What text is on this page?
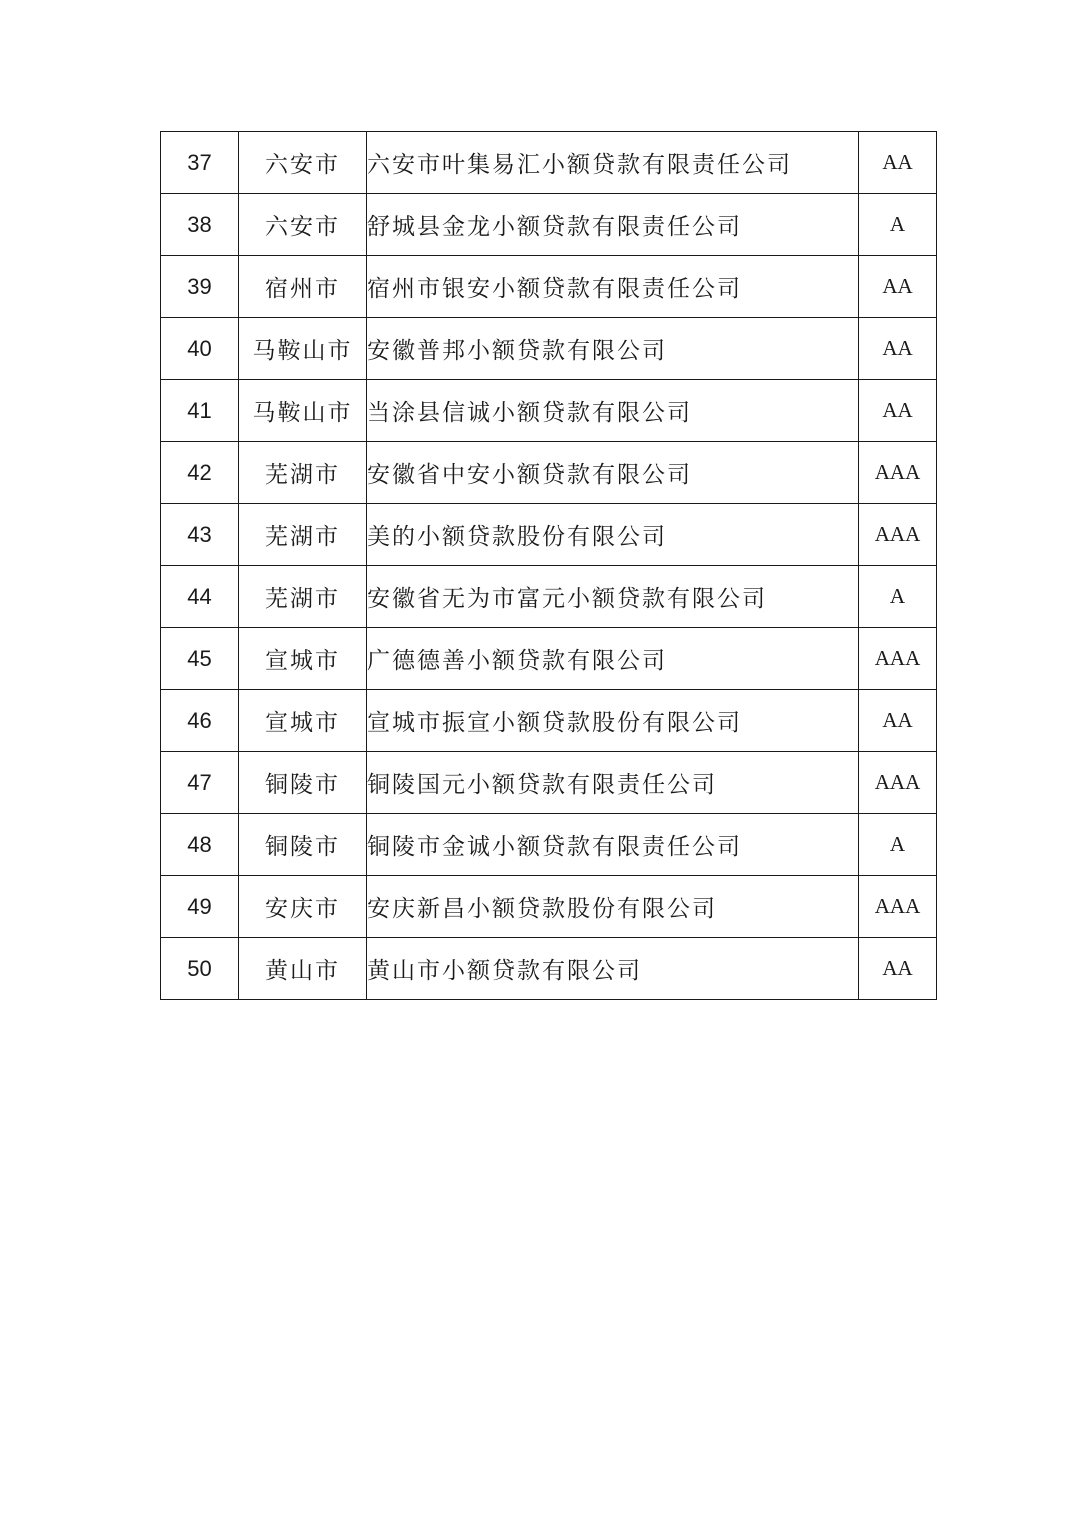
37	六安市	六安市叶集易汇小额贷款有限责任公司	AA
38	六安市	舒城县金龙小额贷款有限责任公司	A
39	宿州市	宿州市银安小额贷款有限责任公司	AA
40	马鞍山市	安徽普邦小额贷款有限公司	AA
41	马鞍山市	当涂县信诚小额贷款有限公司	AA
42	芜湖市	安徽省中安小额贷款有限公司	AAA
43	芜湖市	美的小额贷款股份有限公司	AAA
44	芜湖市	安徽省无为市富元小额贷款有限公司	A
45	宣城市	广德德善小额贷款有限公司	AAA
46	宣城市	宣城市振宣小额贷款股份有限公司	AA
47	铜陵市	铜陵国元小额贷款有限责任公司	AAA
48	铜陵市	铜陵市金诚小额贷款有限责任公司	A
49	安庆市	安庆新昌小额贷款股份有限公司	AAA
50	黄山市	黄山市小额贷款有限公司	AA
